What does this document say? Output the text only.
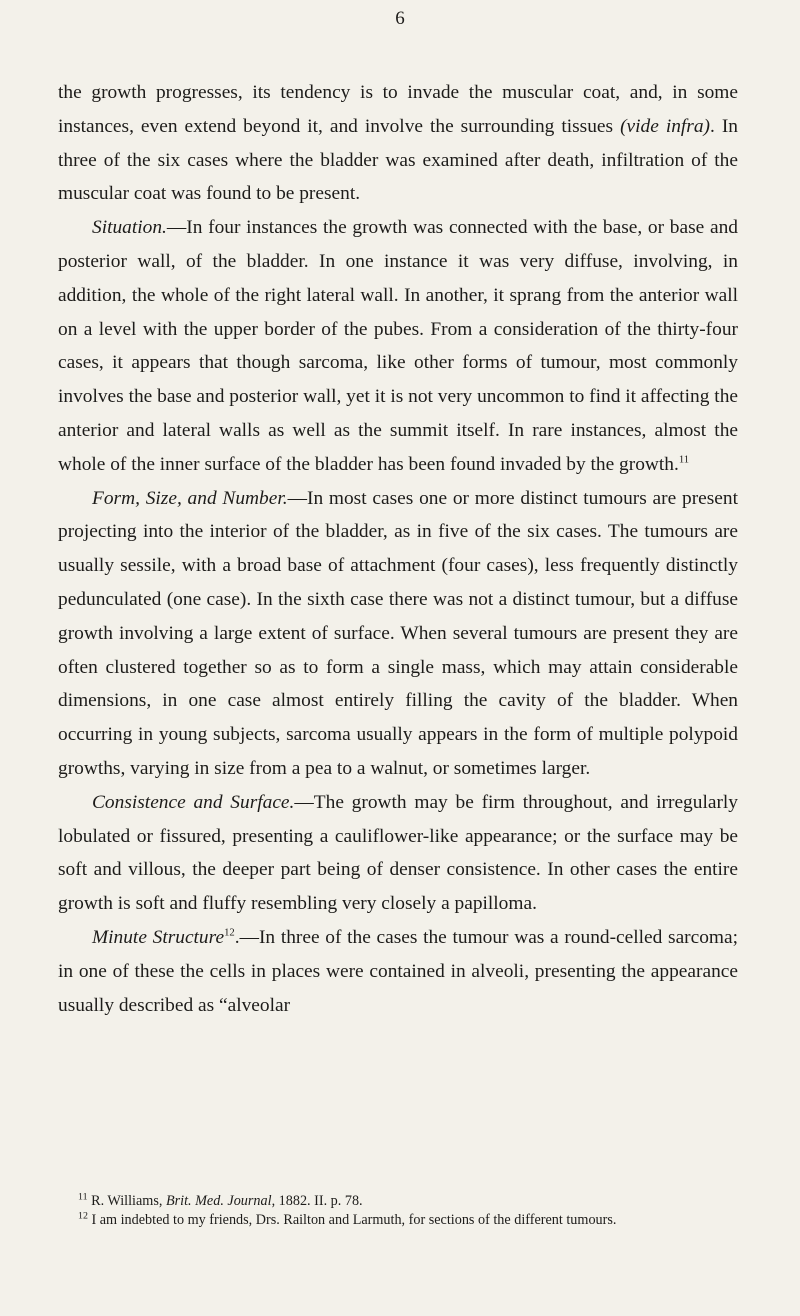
6

the growth progresses, its tendency is to invade the muscular coat, and, in some instances, even extend beyond it, and involve the surrounding tissues (vide infra). In three of the six cases where the bladder was examined after death, infiltration of the muscular coat was found to be present.

Situation.—In four instances the growth was connected with the base, or base and posterior wall, of the bladder. In one instance it was very diffuse, involving, in addition, the whole of the right lateral wall. In another, it sprang from the anterior wall on a level with the upper border of the pubes. From a consideration of the thirty-four cases, it appears that though sarcoma, like other forms of tumour, most commonly involves the base and posterior wall, yet it is not very uncommon to find it affecting the anterior and lateral walls as well as the summit itself. In rare instances, almost the whole of the inner surface of the bladder has been found invaded by the growth.$^{11}$

Form, Size, and Number.—In most cases one or more distinct tumours are present projecting into the interior of the bladder, as in five of the six cases. The tumours are usually sessile, with a broad base of attachment (four cases), less frequently distinctly pedunculated (one case). In the sixth case there was not a distinct tumour, but a diffuse growth involving a large extent of surface. When several tumours are present they are often clustered together so as to form a single mass, which may attain considerable dimensions, in one case almost entirely filling the cavity of the bladder. When occurring in young subjects, sarcoma usually appears in the form of multiple polypoid growths, varying in size from a pea to a walnut, or sometimes larger.

Consistence and Surface.—The growth may be firm throughout, and irregularly lobulated or fissured, presenting a cauliflower-like appearance; or the surface may be soft and villous, the deeper part being of denser consistence. In other cases the entire growth is soft and fluffy resembling very closely a papilloma.

Minute Structure$^{12}$.—In three of the cases the tumour was a round-celled sarcoma; in one of these the cells in places were contained in alveoli, presenting the appearance usually described as “alveolar

$^{11}$ R. Williams, Brit. Med. Journal, 1882. II. p. 78.

$^{12}$ I am indebted to my friends, Drs. Railton and Larmuth, for sections of the different tumours.
